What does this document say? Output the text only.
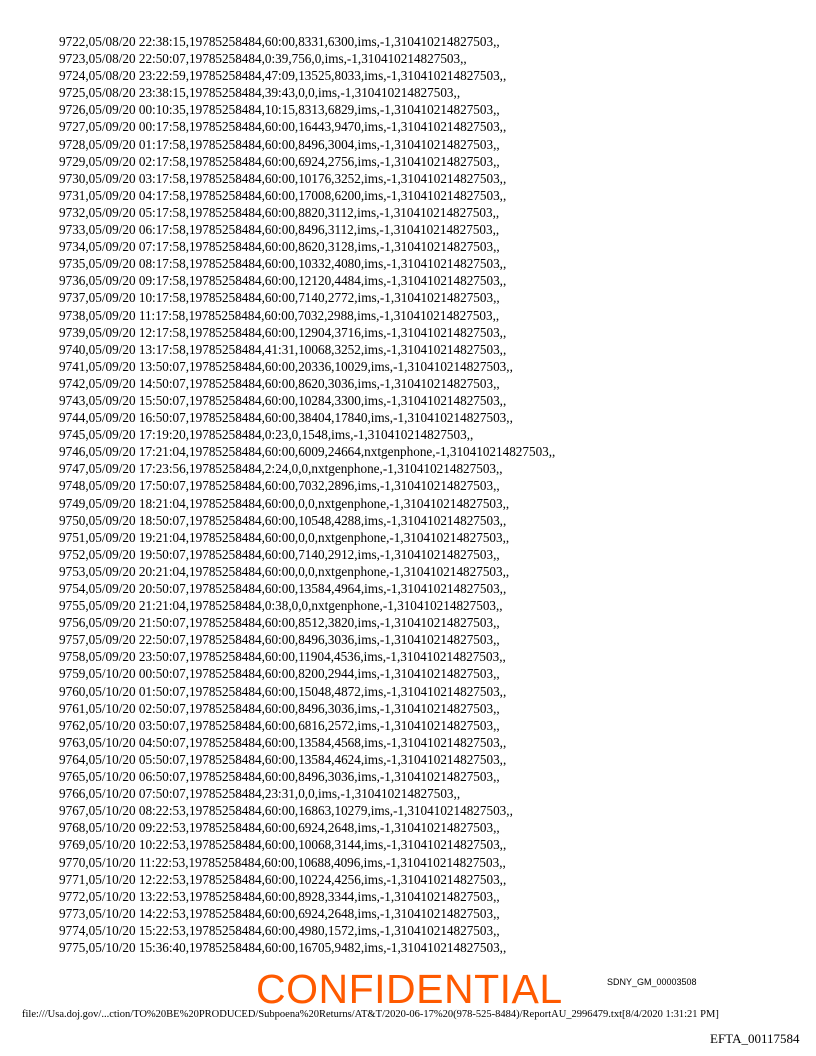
9722,05/08/20 22:38:15,19785258484,60:00,8331,6300,ims,-1,310410214827503,,
9723,05/08/20 22:50:07,19785258484,0:39,756,0,ims,-1,310410214827503,,
9724,05/08/20 23:22:59,19785258484,47:09,13525,8033,ims,-1,310410214827503,,
9725,05/08/20 23:38:15,19785258484,39:43,0,0,ims,-1,310410214827503,,
9726,05/09/20 00:10:35,19785258484,10:15,8313,6829,ims,-1,310410214827503,,
9727,05/09/20 00:17:58,19785258484,60:00,16443,9470,ims,-1,310410214827503,,
9728,05/09/20 01:17:58,19785258484,60:00,8496,3004,ims,-1,310410214827503,,
9729,05/09/20 02:17:58,19785258484,60:00,6924,2756,ims,-1,310410214827503,,
9730,05/09/20 03:17:58,19785258484,60:00,10176,3252,ims,-1,310410214827503,,
9731,05/09/20 04:17:58,19785258484,60:00,17008,6200,ims,-1,310410214827503,,
9732,05/09/20 05:17:58,19785258484,60:00,8820,3112,ims,-1,310410214827503,,
9733,05/09/20 06:17:58,19785258484,60:00,8496,3112,ims,-1,310410214827503,,
9734,05/09/20 07:17:58,19785258484,60:00,8620,3128,ims,-1,310410214827503,,
9735,05/09/20 08:17:58,19785258484,60:00,10332,4080,ims,-1,310410214827503,,
9736,05/09/20 09:17:58,19785258484,60:00,12120,4484,ims,-1,310410214827503,,
9737,05/09/20 10:17:58,19785258484,60:00,7140,2772,ims,-1,310410214827503,,
9738,05/09/20 11:17:58,19785258484,60:00,7032,2988,ims,-1,310410214827503,,
9739,05/09/20 12:17:58,19785258484,60:00,12904,3716,ims,-1,310410214827503,,
9740,05/09/20 13:17:58,19785258484,41:31,10068,3252,ims,-1,310410214827503,,
9741,05/09/20 13:50:07,19785258484,60:00,20336,10029,ims,-1,310410214827503,,
9742,05/09/20 14:50:07,19785258484,60:00,8620,3036,ims,-1,310410214827503,,
9743,05/09/20 15:50:07,19785258484,60:00,10284,3300,ims,-1,310410214827503,,
9744,05/09/20 16:50:07,19785258484,60:00,38404,17840,ims,-1,310410214827503,,
9745,05/09/20 17:19:20,19785258484,0:23,0,1548,ims,-1,310410214827503,,
9746,05/09/20 17:21:04,19785258484,60:00,6009,24664,nxtgenphone,-1,310410214827503,,
9747,05/09/20 17:23:56,19785258484,2:24,0,0,nxtgenphone,-1,310410214827503,,
9748,05/09/20 17:50:07,19785258484,60:00,7032,2896,ims,-1,310410214827503,,
9749,05/09/20 18:21:04,19785258484,60:00,0,0,nxtgenphone,-1,310410214827503,,
9750,05/09/20 18:50:07,19785258484,60:00,10548,4288,ims,-1,310410214827503,,
9751,05/09/20 19:21:04,19785258484,60:00,0,0,nxtgenphone,-1,310410214827503,,
9752,05/09/20 19:50:07,19785258484,60:00,7140,2912,ims,-1,310410214827503,,
9753,05/09/20 20:21:04,19785258484,60:00,0,0,nxtgenphone,-1,310410214827503,,
9754,05/09/20 20:50:07,19785258484,60:00,13584,4964,ims,-1,310410214827503,,
9755,05/09/20 21:21:04,19785258484,0:38,0,0,nxtgenphone,-1,310410214827503,,
9756,05/09/20 21:50:07,19785258484,60:00,8512,3820,ims,-1,310410214827503,,
9757,05/09/20 22:50:07,19785258484,60:00,8496,3036,ims,-1,310410214827503,,
9758,05/09/20 23:50:07,19785258484,60:00,11904,4536,ims,-1,310410214827503,,
9759,05/10/20 00:50:07,19785258484,60:00,8200,2944,ims,-1,310410214827503,,
9760,05/10/20 01:50:07,19785258484,60:00,15048,4872,ims,-1,310410214827503,,
9761,05/10/20 02:50:07,19785258484,60:00,8496,3036,ims,-1,310410214827503,,
9762,05/10/20 03:50:07,19785258484,60:00,6816,2572,ims,-1,310410214827503,,
9763,05/10/20 04:50:07,19785258484,60:00,13584,4568,ims,-1,310410214827503,,
9764,05/10/20 05:50:07,19785258484,60:00,13584,4624,ims,-1,310410214827503,,
9765,05/10/20 06:50:07,19785258484,60:00,8496,3036,ims,-1,310410214827503,,
9766,05/10/20 07:50:07,19785258484,23:31,0,0,ims,-1,310410214827503,,
9767,05/10/20 08:22:53,19785258484,60:00,16863,10279,ims,-1,310410214827503,,
9768,05/10/20 09:22:53,19785258484,60:00,6924,2648,ims,-1,310410214827503,,
9769,05/10/20 10:22:53,19785258484,60:00,10068,3144,ims,-1,310410214827503,,
9770,05/10/20 11:22:53,19785258484,60:00,10688,4096,ims,-1,310410214827503,,
9771,05/10/20 12:22:53,19785258484,60:00,10224,4256,ims,-1,310410214827503,,
9772,05/10/20 13:22:53,19785258484,60:00,8928,3344,ims,-1,310410214827503,,
9773,05/10/20 14:22:53,19785258484,60:00,6924,2648,ims,-1,310410214827503,,
9774,05/10/20 15:22:53,19785258484,60:00,4980,1572,ims,-1,310410214827503,,
9775,05/10/20 15:36:40,19785258484,60:00,16705,9482,ims,-1,310410214827503,,
SDNY_GM_00003508
CONFIDENTIAL
file:///Usa.doj.gov/...ction/TO%20BE%20PRODUCED/Subpoena%20Returns/AT&T/2020-06-17%20(978-525-8484)/ReportAU_2996479.txt[8/4/2020 1:31:21 PM]
EFTA_00117584
